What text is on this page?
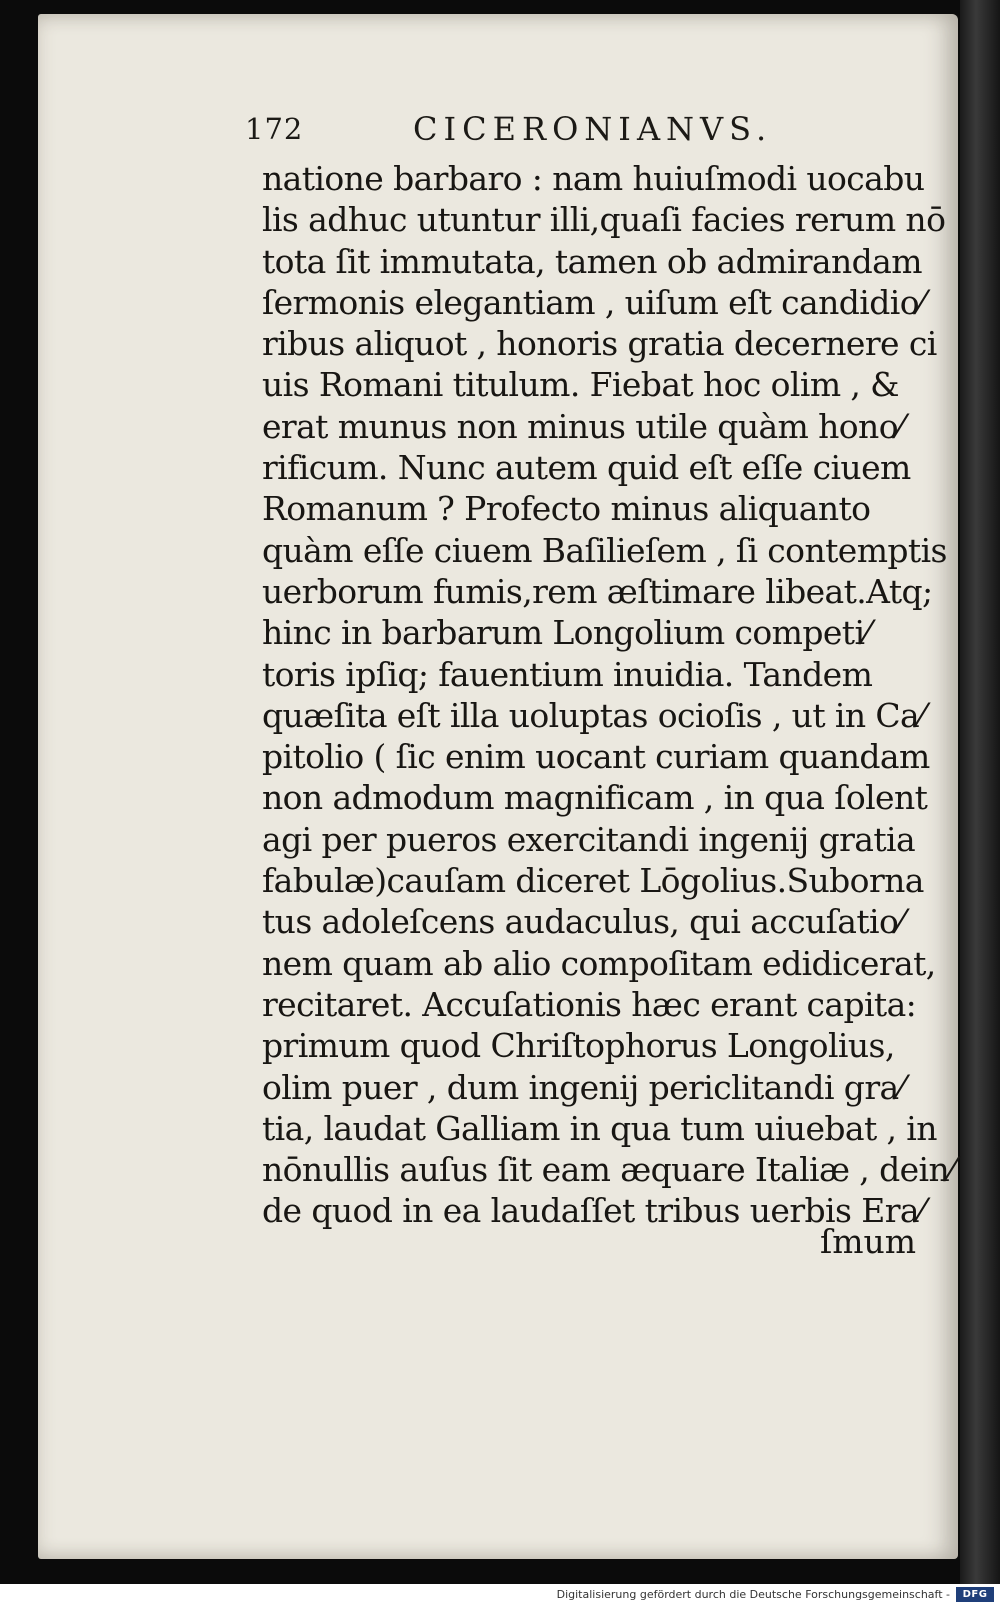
172	CICERONIANVS.
natione barbaro : nam huiuſmodi uocabu
lis adhuc utuntur illi,quaſi facies rerum nō
tota ſit immutata, tamen ob admirandam
ſermonis elegantiam , uiſum eſt candidio⁄
ribus aliquot , honoris gratia decernere ci
uis Romani titulum. Fiebat hoc olim , &
erat munus non minus utile quàm hono⁄
rificum. Nunc autem quid eſt eſſe ciuem
Romanum ? Profecto minus aliquanto
quàm eſſe ciuem Baſilieſem , ſi contemptis
uerborum fumis,rem æſtimare libeat.Atq;
hinc in barbarum Longolium competi⁄
toris ipſiq; fauentium inuidia. Tandem
quæſita eſt illa uoluptas ocioſis , ut in Ca⁄
pitolio ( ſic enim uocant curiam quandam
non admodum magnificam , in qua ſolent
agi per pueros exercitandi ingenij gratia
fabulæ)cauſam diceret Lōgolius.Suborna
tus adoleſcens audaculus, qui accuſatio⁄
nem quam ab alio compoſitam edidicerat,
recitaret. Accuſationis hæc erant capita:
primum quod Chriſtophorus Longolius,
olim puer , dum ingenij periclitandi gra⁄
tia, laudat Galliam in qua tum uiuebat , in
nōnullis auſus ſit eam æquare Italiæ , dein⁄
de quod in ea laudaſſet tribus uerbis Era⁄
ſmum
Digitalisierung gefördert durch die Deutsche Forschungsgemeinschaft -	DFG
